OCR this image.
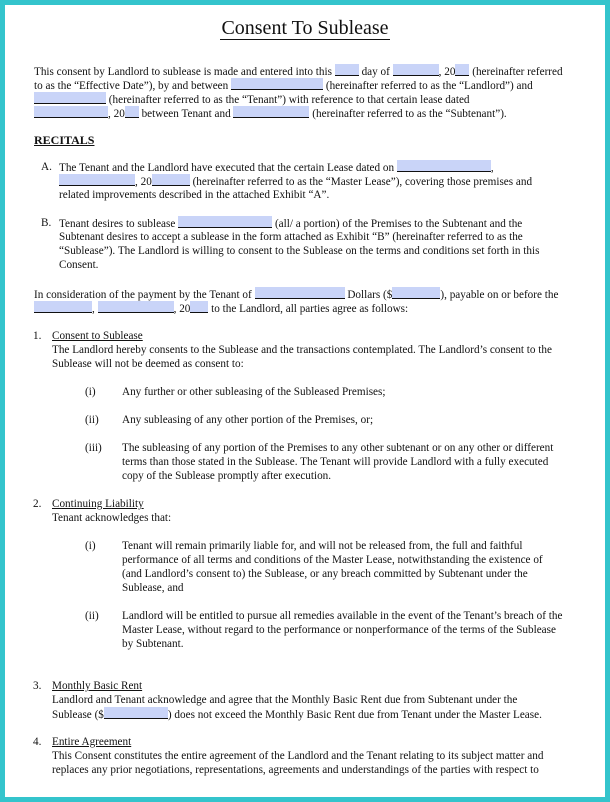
Consent To Sublease
This consent by Landlord to sublease is made and entered into this	day of	, 20 (hereinafter referred
to as the “Effective Date”), by and between	(hereinafter referred to as the “Landlord”) and
(hereinafter referred to as the “Tenant”) with reference to that certain lease dated
, 20 between Tenant and	(hereinafter referred to as the “Subtenant”).
RECITALS
A. The Tenant and the Landlord have executed that the certain Lease dated on	,
, 20	(hereinafter referred to as the “Master Lease”), covering those premises and
related improvements described in the attached Exhibit “A”.
B. Tenant desires to sublease	(all/ a portion) of the Premises to the Subtenant and the
Subtenant desires to accept a sublease in the form attached as Exhibit “B” (hereinafter referred to as the
“Sublease”). The Landlord is willing to consent to the Sublease on the terms and conditions set forth in this
Consent.
In consideration of the payment by the Tenant of	Dollars ($	), payable on or before the
,	, 20 to the Landlord, all parties agree as follows:
1. Consent to Sublease
The Landlord hereby consents to the Sublease and the transactions contemplated. The Landlord’s consent to the
Sublease will not be deemed as consent to:
(i) Any further or other subleasing of the Subleased Premises;
(ii) Any subleasing of any other portion of the Premises, or;
(iii) The subleasing of any portion of the Premises to any other subtenant or on any other or different
terms than those stated in the Sublease. The Tenant will provide Landlord with a fully executed
copy of the Sublease promptly after execution.
2. Continuing Liability
Tenant acknowledges that:
(i) Tenant will remain primarily liable for, and will not be released from, the full and faithful
performance of all terms and conditions of the Master Lease, notwithstanding the existence of
(and Landlord’s consent to) the Sublease, or any breach committed by Subtenant under the
Sublease, and
(ii) Landlord will be entitled to pursue all remedies available in the event of the Tenant’s breach of the
Master Lease, without regard to the performance or nonperformance of the terms of the Sublease
by Subtenant.
3. Monthly Basic Rent
Landlord and Tenant acknowledge and agree that the Monthly Basic Rent due from Subtenant under the
Sublease ($	) does not exceed the Monthly Basic Rent due from Tenant under the Master Lease.
4. Entire Agreement
This Consent constitutes the entire agreement of the Landlord and the Tenant relating to its subject matter and
replaces any prior negotiations, representations, agreements and understandings of the parties with respect to
